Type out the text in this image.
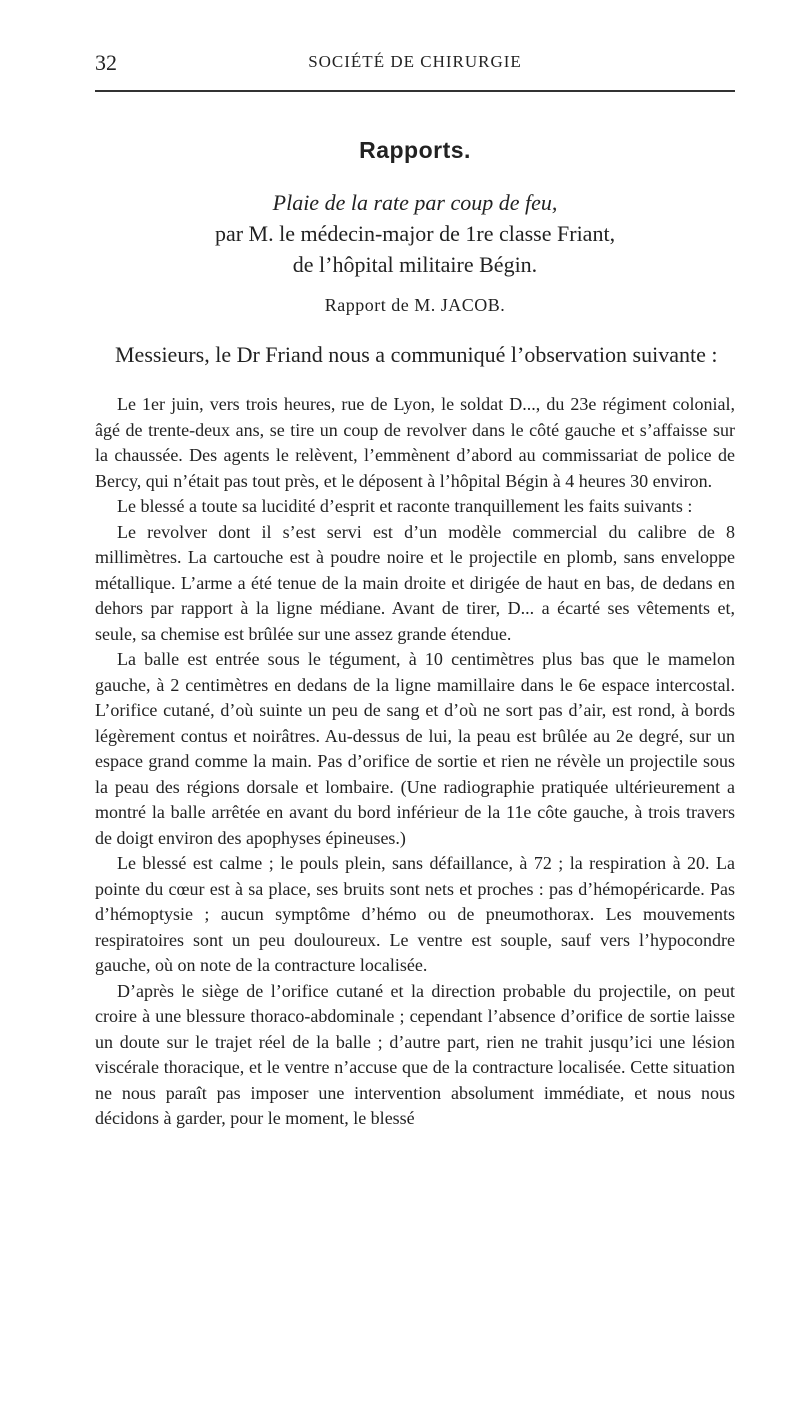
32	SOCIÉTÉ DE CHIRURGIE
Rapports.
Plaie de la rate par coup de feu,
par M. le médecin-major de 1re classe Friant,
de l’hôpital militaire Bégin.
Rapport de M. JACOB.

Messieurs, le Dr Friand nous a communiqué l’observation suivante :

Le 1er juin, vers trois heures, rue de Lyon, le soldat D..., du 23e régiment colonial, âgé de trente-deux ans, se tire un coup de revolver dans le côté gauche et s’affaisse sur la chaussée. Des agents le relèvent, l’emmènent d’abord au commissariat de police de Bercy, qui n’était pas tout près, et le déposent à l’hôpital Bégin à 4 heures 30 environ.

Le blessé a toute sa lucidité d’esprit et raconte tranquillement les faits suivants :

Le revolver dont il s’est servi est d’un modèle commercial du calibre de 8 millimètres. La cartouche est à poudre noire et le projectile en plomb, sans enveloppe métallique. L’arme a été tenue de la main droite et dirigée de haut en bas, de dedans en dehors par rapport à la ligne médiane. Avant de tirer, D... a écarté ses vêtements et, seule, sa chemise est brûlée sur une assez grande étendue.

La balle est entrée sous le tégument, à 10 centimètres plus bas que le mamelon gauche, à 2 centimètres en dedans de la ligne mamillaire dans le 6e espace intercostal. L’orifice cutané, d’où suinte un peu de sang et d’où ne sort pas d’air, est rond, à bords légèrement contus et noirâtres. Au-dessus de lui, la peau est brûlée au 2e degré, sur un espace grand comme la main. Pas d’orifice de sortie et rien ne révèle un projectile sous la peau des régions dorsale et lombaire. (Une radiographie pratiquée ultérieurement a montré la balle arrêtée en avant du bord inférieur de la 11e côte gauche, à trois travers de doigt environ des apophyses épineuses.)

Le blessé est calme ; le pouls plein, sans défaillance, à 72 ; la respiration à 20. La pointe du cœur est à sa place, ses bruits sont nets et proches : pas d’hémopéricarde. Pas d’hémoptysie ; aucun symptôme d’hémo ou de pneumothorax. Les mouvements respiratoires sont un peu douloureux. Le ventre est souple, sauf vers l’hypocondre gauche, où on note de la contracture localisée.

D’après le siège de l’orifice cutané et la direction probable du projectile, on peut croire à une blessure thoraco-abdominale ; cependant l’absence d’orifice de sortie laisse un doute sur le trajet réel de la balle ; d’autre part, rien ne trahit jusqu’ici une lésion viscérale thoracique, et le ventre n’accuse que de la contracture localisée. Cette situation ne nous paraît pas imposer une intervention absolument immédiate, et nous nous décidons à garder, pour le moment, le blessé
